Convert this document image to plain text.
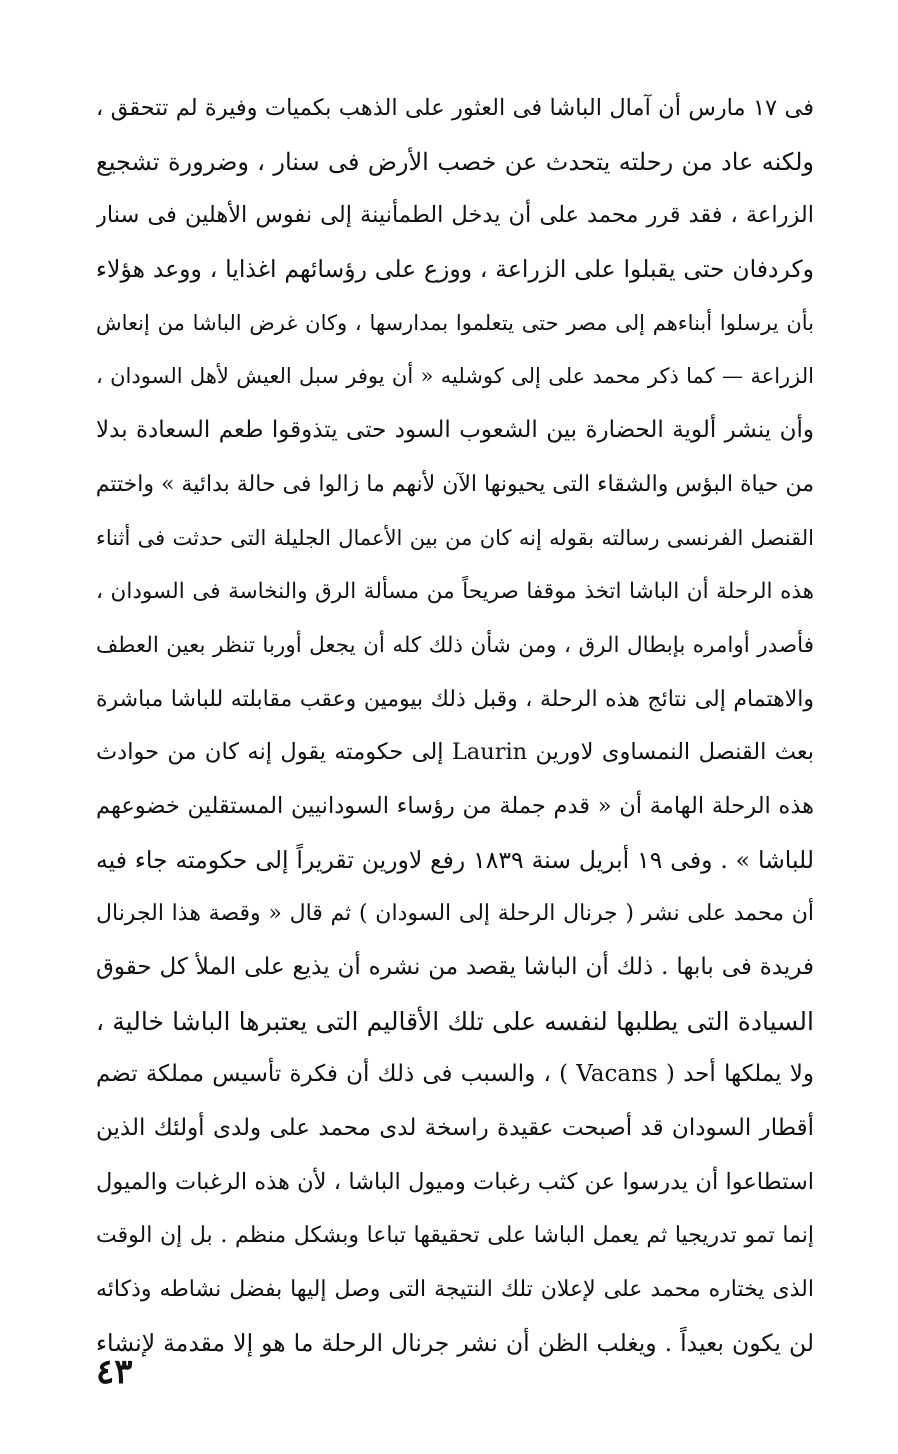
فى ١٧ مارس أن آمال الباشا فى العثور على الذهب بكميات وفيرة لم تتحقق ،
ولكنه عاد من رحلته يتحدث عن خصب الأرض فى سنار ، وضرورة تشجيع
الزراعة ، فقد قرر محمد على أن يدخل الطمأنينة إلى نفوس الأهلين فى سنار
وكردفان حتى يقبلوا على الزراعة ، ووزع على رؤسائهم اغذايا ، ووعد هؤلاء
بأن يرسلوا أبناءهم إلى مصر حتى يتعلموا بمدارسها ، وكان غرض الباشا من إنعاش
الزراعة — كما ذكر محمد على إلى كوشليه « أن يوفر سبل العيش لأهل السودان ،
وأن ينشر ألوية الحضارة بين الشعوب السود حتى يتذوقوا طعم السعادة بدلا
من حياة البؤس والشقاء التى يحيونها الآن لأنهم ما زالوا فى حالة بدائية » واختتم
القنصل الفرنسى رسالته بقوله إنه كان من بين الأعمال الجليلة التى حدثت فى أثناء
هذه الرحلة أن الباشا اتخذ موقفا صريحاً من مسألة الرق والنخاسة فى السودان ،
فأصدر أوامره بإبطال الرق ، ومن شأن ذلك كله أن يجعل أوربا تنظر بعين العطف
والاهتمام إلى نتائج هذه الرحلة ، وقبل ذلك بيومين وعقب مقابلته للباشا مباشرة
بعث القنصل النمساوى لاورين Laurin إلى حكومته يقول إنه كان من حوادث
هذه الرحلة الهامة أن « قدم جملة من رؤساء السودانيين المستقلين خضوعهم
للباشا » . وفى ١٩ أبريل سنة ١٨٣٩ رفع لاورين تقريراً إلى حكومته جاء فيه
أن محمد على نشر ( جرنال الرحلة إلى السودان ) ثم قال « وقصة هذا الجرنال
فريدة فى بابها . ذلك أن الباشا يقصد من نشره أن يذيع على الملأ كل حقوق
السيادة التى يطلبها لنفسه على تلك الأقاليم التى يعتبرها الباشا خالية ،
ولا يملكها أحد ( Vacans ) ، والسبب فى ذلك أن فكرة تأسيس مملكة تضم
أقطار السودان قد أصبحت عقيدة راسخة لدى محمد على ولدى أولئك الذين
استطاعوا أن يدرسوا عن كثب رغبات وميول الباشا ، لأن هذه الرغبات والميول
إنما تمو تدريجيا ثم يعمل الباشا على تحقيقها تباعا وبشكل منظم . بل إن الوقت
الذى يختاره محمد على لإعلان تلك النتيجة التى وصل إليها بفضل نشاطه وذكائه
لن يكون بعيداً . ويغلب الظن أن نشر جرنال الرحلة ما هو إلا مقدمة لإنشاء
٤٣
